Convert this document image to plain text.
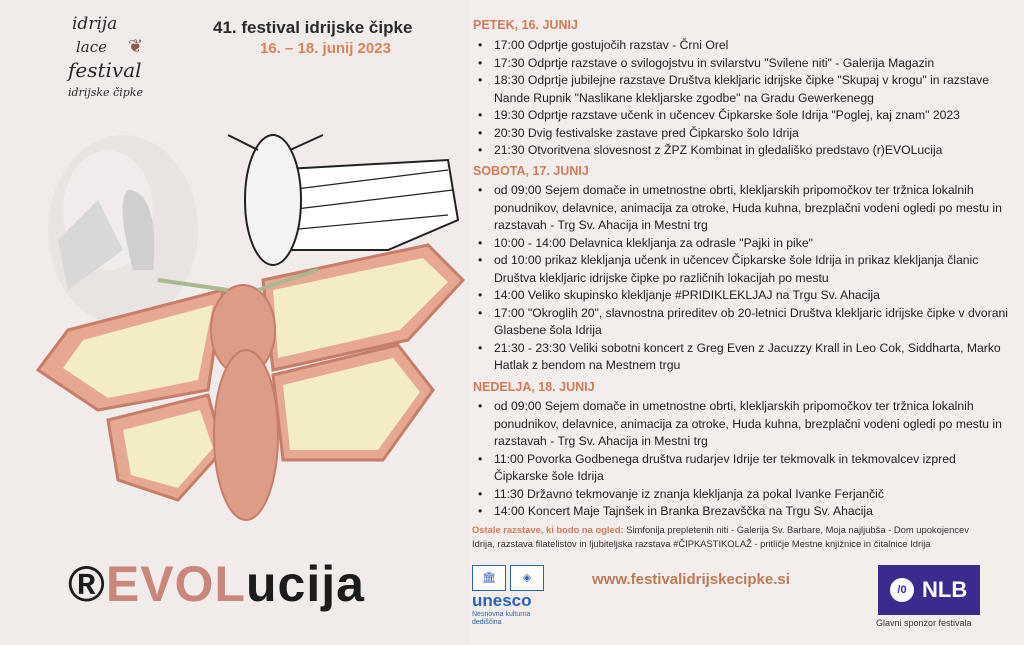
idrija
lace ❦
festival
idrijske čipke
41. festival idrijske čipke
16. – 18. junij 2023
®EVOLucija
PETEK, 16. JUNIJ
• 17:00 Odprtje gostujočih razstav - Črni Orel
• 17:30 Odprtje razstave o svilogojstvu in svilarstvu "Svilene niti" - Galerija Magazin
• 18:30 Odprtje jubilejne razstave Društva klekljaric idrijske čipke "Skupaj v krogu" in razstave Nande Rupnik "Naslikane klekljarske zgodbe" na Gradu Gewerkenegg
• 19:30 Odprtje razstave učenk in učencev Čipkarske šole Idrija "Poglej, kaj znam" 2023
• 20:30 Dvig festivalske zastave pred Čipkarsko šolo Idrija
• 21:30 Otvoritvena slovesnost z ŽPZ Kombinat in gledališko predstavo (r)EVOLucija
SOBOTA, 17. JUNIJ
• od 09:00 Sejem domače in umetnostne obrti, klekljarskih pripomočkov ter tržnica lokalnih ponudnikov, delavnice, animacija za otroke, Huda kuhna, brezplačni vodeni ogledi po mestu in razstavah - Trg Sv. Ahacija in Mestni trg
• 10:00 - 14:00 Delavnica klekljanja za odrasle "Pajki in pike"
• od 10:00 prikaz klekljanja učenk in učencev Čipkarske šole Idrija in prikaz klekljanja članic Društva klekljaric idrijske čipke po različnih lokacijah po mestu
• 14:00 Veliko skupinsko klekljanje #PRIDIKLEKLJAJ na Trgu Sv. Ahacija
• 17:00 "Okroglih 20", slavnostna prireditev ob 20-letnici Društva klekljaric idrijske čipke v dvorani Glasbene šola Idrija
• 21:30 - 23:30 Veliki sobotni koncert z Greg Even z Jacuzzy Krall in Leo Cok, Siddharta, Marko Hatlak z bendom na Mestnem trgu
NEDELJA, 18. JUNIJ
• od 09:00 Sejem domače in umetnostne obrti, klekljarskih pripomočkov ter tržnica lokalnih ponudnikov, delavnice, animacija za otroke, Huda kuhna, brezplačni vodeni ogledi po mestu in razstavah - Trg Sv. Ahacija in Mestni trg
• 11:00 Povorka Godbenega društva rudarjev Idrije ter tekmovalk in tekmovalcev izpred Čipkarske šole Idrija
• 11:30 Državno tekmovanje iz znanja klekljanja za pokal Ivanke Ferjančič
• 14:00 Koncert Maje Tajnšek in Branka Brezavščka na Trgu Sv. Ahacija
Ostale razstave, ki bodo na ogled: Simfonija prepletenih niti - Galerija Sv. Barbare, Moja najljubša - Dom upokojencev Idrija, razstava filatelistov in ljubiteljska razstava #ČIPKASTIKOLAŽ - pritličje Mestne knjižnice in čitalnice Idrija
🏛	◈
unesco
Nesnovna kulturna dediščina
www.festivalidrijskecipke.si
/0 NLB
Glavni sponzor festivala
